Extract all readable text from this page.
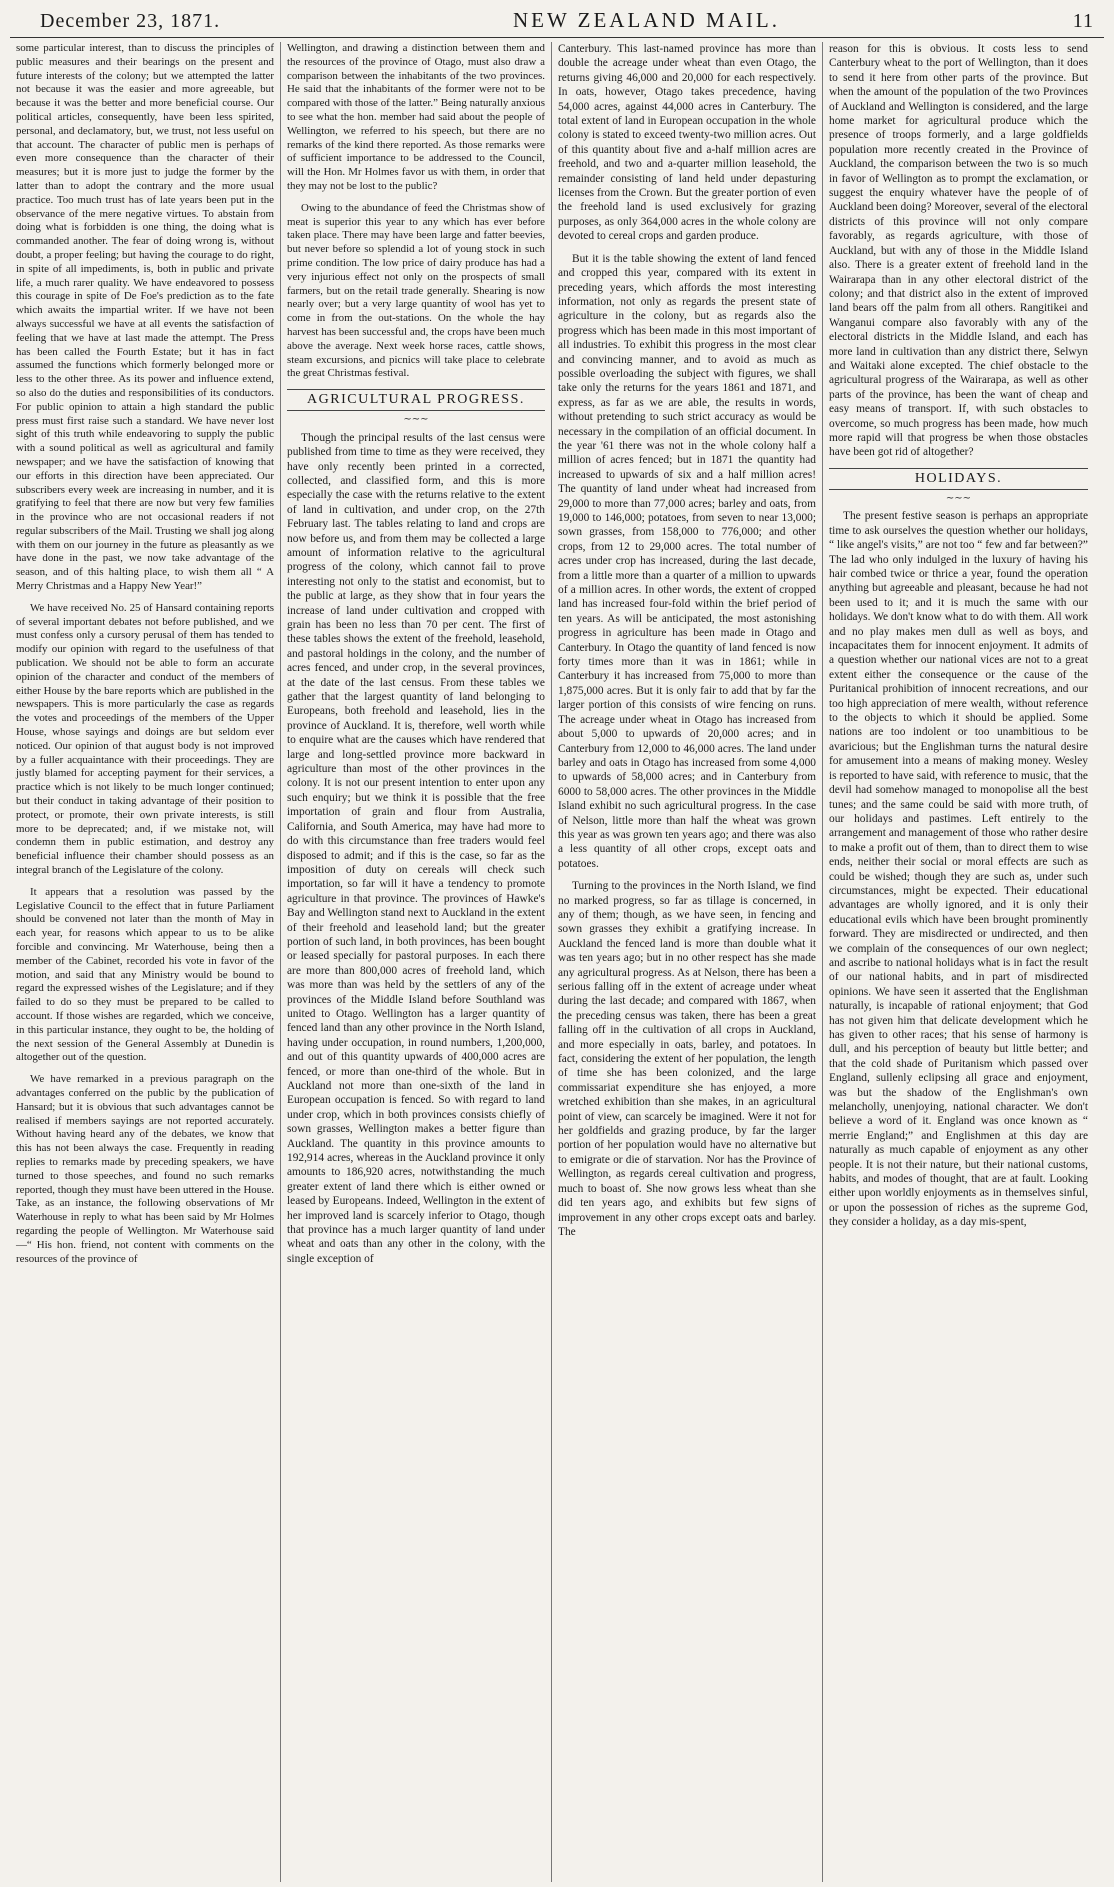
December 23, 1871.	NEW ZEALAND MAIL.	11

some particular interest, than to discuss the principles of public measures and their bearings on the present and future interests of the colony; but we attempted the latter not because it was the easier and more agreeable, but because it was the better and more beneficial course. Our political articles, consequently, have been less spirited, personal, and declamatory, but, we trust, not less useful on that account. The character of public men is perhaps of even more consequence than the character of their measures; but it is more just to judge the former by the latter than to adopt the contrary and the more usual practice. Too much trust has of late years been put in the observance of the mere negative virtues. To abstain from doing what is forbidden is one thing, the doing what is commanded another. The fear of doing wrong is, without doubt, a proper feeling; but having the courage to do right, in spite of all impediments, is, both in public and private life, a much rarer quality. We have endeavored to possess this courage in spite of De Foe's prediction as to the fate which awaits the impartial writer. If we have not been always successful we have at all events the satisfaction of feeling that we have at last made the attempt. The Press has been called the Fourth Estate; but it has in fact assumed the functions which formerly belonged more or less to the other three. As its power and influence extend, so also do the duties and responsibilities of its conductors. For public opinion to attain a high standard the public press must first raise such a standard. We have never lost sight of this truth while endeavoring to supply the public with a sound political as well as agricultural and family newspaper; and we have the satisfaction of knowing that our efforts in this direction have been appreciated. Our subscribers every week are increasing in number, and it is gratifying to feel that there are now but very few families in the province who are not occasional readers if not regular subscribers of the Mail. Trusting we shall jog along with them on our journey in the future as pleasantly as we have done in the past, we now take advantage of the season, and of this halting place, to wish them all “ A Merry Christmas and a Happy New Year!”

We have received No. 25 of Hansard containing reports of several important debates not before published, and we must confess only a cursory perusal of them has tended to modify our opinion with regard to the usefulness of that publication. We should not be able to form an accurate opinion of the character and conduct of the members of either House by the bare reports which are published in the newspapers. This is more particularly the case as regards the votes and proceedings of the members of the Upper House, whose sayings and doings are but seldom ever noticed. Our opinion of that august body is not improved by a fuller acquaintance with their proceedings. They are justly blamed for accepting payment for their services, a practice which is not likely to be much longer continued; but their conduct in taking advantage of their position to protect, or promote, their own private interests, is still more to be deprecated; and, if we mistake not, will condemn them in public estimation, and destroy any beneficial influence their chamber should possess as an integral branch of the Legislature of the colony.

It appears that a resolution was passed by the Legislative Council to the effect that in future Parliament should be convened not later than the month of May in each year, for reasons which appear to us to be alike forcible and convincing. Mr Waterhouse, being then a member of the Cabinet, recorded his vote in favor of the motion, and said that any Ministry would be bound to regard the expressed wishes of the Legislature; and if they failed to do so they must be prepared to be called to account. If those wishes are regarded, which we conceive, in this particular instance, they ought to be, the holding of the next session of the General Assembly at Dunedin is altogether out of the question.

We have remarked in a previous paragraph on the advantages conferred on the public by the publication of Hansard; but it is obvious that such advantages cannot be realised if members sayings are not reported accurately. Without having heard any of the debates, we know that this has not been always the case. Frequently in reading replies to remarks made by preceding speakers, we have turned to those speeches, and found no such remarks reported, though they must have been uttered in the House. Take, as an instance, the following observations of Mr Waterhouse in reply to what has been said by Mr Holmes regarding the people of Wellington. Mr Waterhouse said—“ His hon. friend, not content with comments on the resources of the province of

Wellington, and drawing a distinction between them and the resources of the province of Otago, must also draw a comparison between the inhabitants of the two provinces. He said that the inhabitants of the former were not to be compared with those of the latter.” Being naturally anxious to see what the hon. member had said about the people of Wellington, we referred to his speech, but there are no remarks of the kind there reported. As those remarks were of sufficient importance to be addressed to the Council, will the Hon. Mr Holmes favor us with them, in order that they may not be lost to the public?

Owing to the abundance of feed the Christmas show of meat is superior this year to any which has ever before taken place. There may have been large and fatter beevies, but never before so splendid a lot of young stock in such prime condition. The low price of dairy produce has had a very injurious effect not only on the prospects of small farmers, but on the retail trade generally. Shearing is now nearly over; but a very large quantity of wool has yet to come in from the out-stations. On the whole the hay harvest has been successful and, the crops have been much above the average. Next week horse races, cattle shows, steam excursions, and picnics will take place to celebrate the great Christmas festival.

AGRICULTURAL PROGRESS.
∼∼∼

Though the principal results of the last census were published from time to time as they were received, they have only recently been printed in a corrected, collected, and classified form, and this is more especially the case with the returns relative to the extent of land in cultivation, and under crop, on the 27th February last. The tables relating to land and crops are now before us, and from them may be collected a large amount of information relative to the agricultural progress of the colony, which cannot fail to prove interesting not only to the statist and economist, but to the public at large, as they show that in four years the increase of land under cultivation and cropped with grain has been no less than 70 per cent. The first of these tables shows the extent of the freehold, leasehold, and pastoral holdings in the colony, and the number of acres fenced, and under crop, in the several provinces, at the date of the last census. From these tables we gather that the largest quantity of land belonging to Europeans, both freehold and leasehold, lies in the province of Auckland. It is, therefore, well worth while to enquire what are the causes which have rendered that large and long-settled province more backward in agriculture than most of the other provinces in the colony. It is not our present intention to enter upon any such enquiry; but we think it is possible that the free importation of grain and flour from Australia, California, and South America, may have had more to do with this circumstance than free traders would feel disposed to admit; and if this is the case, so far as the imposition of duty on cereals will check such importation, so far will it have a tendency to promote agriculture in that province. The provinces of Hawke's Bay and Wellington stand next to Auckland in the extent of their freehold and leasehold land; but the greater portion of such land, in both provinces, has been bought or leased specially for pastoral purposes. In each there are more than 800,000 acres of freehold land, which was more than was held by the settlers of any of the provinces of the Middle Island before Southland was united to Otago. Wellington has a larger quantity of fenced land than any other province in the North Island, having under occupation, in round numbers, 1,200,000, and out of this quantity upwards of 400,000 acres are fenced, or more than one-third of the whole. But in Auckland not more than one-sixth of the land in European occupation is fenced. So with regard to land under crop, which in both provinces consists chiefly of sown grasses, Wellington makes a better figure than Auckland. The quantity in this province amounts to 192,914 acres, whereas in the Auckland province it only amounts to 186,920 acres, notwithstanding the much greater extent of land there which is either owned or leased by Europeans. Indeed, Wellington in the extent of her improved land is scarcely inferior to Otago, though that province has a much larger quantity of land under wheat and oats than any other in the colony, with the single exception of

Canterbury. This last-named province has more than double the acreage under wheat than even Otago, the returns giving 46,000 and 20,000 for each respectively. In oats, however, Otago takes precedence, having 54,000 acres, against 44,000 acres in Canterbury. The total extent of land in European occupation in the whole colony is stated to exceed twenty-two million acres. Out of this quantity about five and a-half million acres are freehold, and two and a-quarter million leasehold, the remainder consisting of land held under depasturing licenses from the Crown. But the greater portion of even the freehold land is used exclusively for grazing purposes, as only 364,000 acres in the whole colony are devoted to cereal crops and garden produce.

But it is the table showing the extent of land fenced and cropped this year, compared with its extent in preceding years, which affords the most interesting information, not only as regards the present state of agriculture in the colony, but as regards also the progress which has been made in this most important of all industries. To exhibit this progress in the most clear and convincing manner, and to avoid as much as possible overloading the subject with figures, we shall take only the returns for the years 1861 and 1871, and express, as far as we are able, the results in words, without pretending to such strict accuracy as would be necessary in the compilation of an official document. In the year '61 there was not in the whole colony half a million of acres fenced; but in 1871 the quantity had increased to upwards of six and a half million acres! The quantity of land under wheat had increased from 29,000 to more than 77,000 acres; barley and oats, from 19,000 to 146,000; potatoes, from seven to near 13,000; sown grasses, from 158,000 to 776,000; and other crops, from 12 to 29,000 acres. The total number of acres under crop has increased, during the last decade, from a little more than a quarter of a million to upwards of a million acres. In other words, the extent of cropped land has increased four-fold within the brief period of ten years. As will be anticipated, the most astonishing progress in agriculture has been made in Otago and Canterbury. In Otago the quantity of land fenced is now forty times more than it was in 1861; while in Canterbury it has increased from 75,000 to more than 1,875,000 acres. But it is only fair to add that by far the larger portion of this consists of wire fencing on runs. The acreage under wheat in Otago has increased from about 5,000 to upwards of 20,000 acres; and in Canterbury from 12,000 to 46,000 acres. The land under barley and oats in Otago has increased from some 4,000 to upwards of 58,000 acres; and in Canterbury from 6000 to 58,000 acres. The other provinces in the Middle Island exhibit no such agricultural progress. In the case of Nelson, little more than half the wheat was grown this year as was grown ten years ago; and there was also a less quantity of all other crops, except oats and potatoes.

Turning to the provinces in the North Island, we find no marked progress, so far as tillage is concerned, in any of them; though, as we have seen, in fencing and sown grasses they exhibit a gratifying increase. In Auckland the fenced land is more than double what it was ten years ago; but in no other respect has she made any agricultural progress. As at Nelson, there has been a serious falling off in the extent of acreage under wheat during the last decade; and compared with 1867, when the preceding census was taken, there has been a great falling off in the cultivation of all crops in Auckland, and more especially in oats, barley, and potatoes. In fact, considering the extent of her population, the length of time she has been colonized, and the large commissariat expenditure she has enjoyed, a more wretched exhibition than she makes, in an agricultural point of view, can scarcely be imagined. Were it not for her goldfields and grazing produce, by far the larger portion of her population would have no alternative but to emigrate or die of starvation. Nor has the Province of Wellington, as regards cereal cultivation and progress, much to boast of. She now grows less wheat than she did ten years ago, and exhibits but few signs of improvement in any other crops except oats and barley. The

reason for this is obvious. It costs less to send Canterbury wheat to the port of Wellington, than it does to send it here from other parts of the province. But when the amount of the population of the two Provinces of Auckland and Wellington is considered, and the large home market for agricultural produce which the presence of troops formerly, and a large goldfields population more recently created in the Province of Auckland, the comparison between the two is so much in favor of Wellington as to prompt the exclamation, or suggest the enquiry whatever have the people of of Auckland been doing? Moreover, several of the electoral districts of this province will not only compare favorably, as regards agriculture, with those of Auckland, but with any of those in the Middle Island also. There is a greater extent of freehold land in the Wairarapa than in any other electoral district of the colony; and that district also in the extent of improved land bears off the palm from all others. Rangitikei and Wanganui compare also favorably with any of the electoral districts in the Middle Island, and each has more land in cultivation than any district there, Selwyn and Waitaki alone excepted. The chief obstacle to the agricultural progress of the Wairarapa, as well as other parts of the province, has been the want of cheap and easy means of transport. If, with such obstacles to overcome, so much progress has been made, how much more rapid will that progress be when those obstacles have been got rid of altogether?

HOLIDAYS.
∼∼∼

The present festive season is perhaps an appropriate time to ask ourselves the question whether our holidays, “ like angel's visits,” are not too “ few and far between?” The lad who only indulged in the luxury of having his hair combed twice or thrice a year, found the operation anything but agreeable and pleasant, because he had not been used to it; and it is much the same with our holidays. We don't know what to do with them. All work and no play makes men dull as well as boys, and incapacitates them for innocent enjoyment. It admits of a question whether our national vices are not to a great extent either the consequence or the cause of the Puritanical prohibition of innocent recreations, and our too high appreciation of mere wealth, without reference to the objects to which it should be applied. Some nations are too indolent or too unambitious to be avaricious; but the Englishman turns the natural desire for amusement into a means of making money. Wesley is reported to have said, with reference to music, that the devil had somehow managed to monopolise all the best tunes; and the same could be said with more truth, of our holidays and pastimes. Left entirely to the arrangement and management of those who rather desire to make a profit out of them, than to direct them to wise ends, neither their social or moral effects are such as could be wished; though they are such as, under such circumstances, might be expected. Their educational advantages are wholly ignored, and it is only their educational evils which have been brought prominently forward. They are misdirected or undirected, and then we complain of the consequences of our own neglect; and ascribe to national holidays what is in fact the result of our national habits, and in part of misdirected opinions. We have seen it asserted that the Englishman naturally, is incapable of rational enjoyment; that God has not given him that delicate development which he has given to other races; that his sense of harmony is dull, and his perception of beauty but little better; and that the cold shade of Puritanism which passed over England, sullenly eclipsing all grace and enjoyment, was but the shadow of the Englishman's own melancholly, unenjoying, national character. We don't believe a word of it. England was once known as “ merrie England;” and Englishmen at this day are naturally as much capable of enjoyment as any other people. It is not their nature, but their national customs, habits, and modes of thought, that are at fault. Looking either upon worldly enjoyments as in themselves sinful, or upon the possession of riches as the supreme God, they consider a holiday, as a day mis-spent,
